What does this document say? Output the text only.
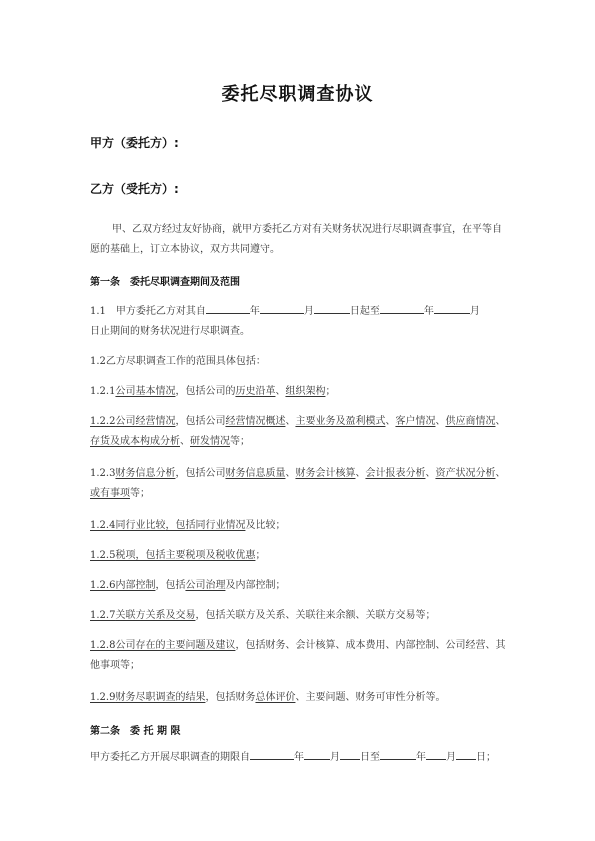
委托尽职调查协议
甲方（委托方）:
乙方（受托方）:
甲、乙双方经过友好协商，就甲方委托乙方对有关财务状况进行尽职调查事宜，在平等自愿的基础上，订立本协议，双方共同遵守。
第一条 委托尽职调查期间及范围
1.1　甲方委托乙方对其自	年	月	日起至	年	月
日止期间的财务状况进行尽职调查。
1.2乙方尽职调查工作的范围具体包括：
1.2.1公司基本情况，包括公司的历史沿革、组织架构；
1.2.2公司经营情况，包括公司经营情况概述、主要业务及盈利模式、客户情况、供应商情况、存货及成本构成分析、研发情况等；
1.2.3财务信息分析，包括公司财务信息质量、财务会计核算、会计报表分析、资产状况分析、或有事项等；
1.2.4同行业比较，包括同行业情况及比较；
1.2.5税项，包括主要税项及税收优惠；
1.2.6内部控制，包括公司治理及内部控制；
1.2.7关联方关系及交易，包括关联方及关系、关联往来余额、关联方交易等；
1.2.8公司存在的主要问题及建议，包括财务、会计核算、成本费用、内部控制、公司经营、其他事项等；
1.2.9财务尽职调查的结果，包括财务总体评价、主要问题、财务可审性分析等。
第二条 委 托 期 限
甲方委托乙方开展尽职调查的期限自	年	月 日至	年 月 日；
